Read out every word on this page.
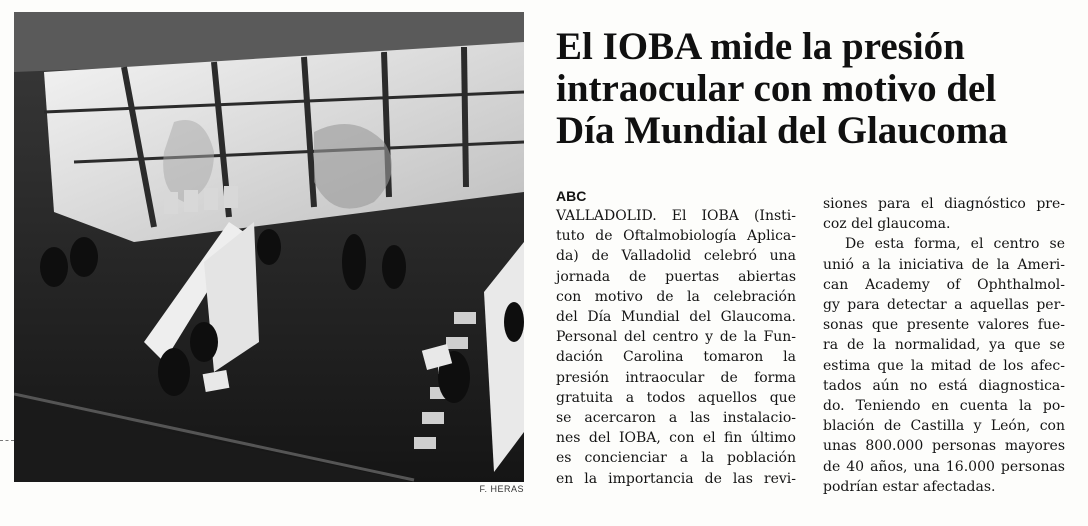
F. HERAS
El IOBA mide la presión
intraocular con motivo del
Día Mundial del Glaucoma
ABC
VALLADOLID. El IOBA (Insti-
tuto de Oftalmobiología Aplica-
da) de Valladolid celebró una
jornada de puertas abiertas
con motivo de la celebración
del Día Mundial del Glaucoma.
Personal del centro y de la Fun-
dación Carolina tomaron la
presión intraocular de forma
gratuita a todos aquellos que
se acercaron a las instalacio-
nes del IOBA, con el fin último
es concienciar a la población
en la importancia de las revi-
siones para el diagnóstico pre-
coz del glaucoma.
De esta forma, el centro se
unió a la iniciativa de la Ameri-
can Academy of Ophthalmol-
gy para detectar a aquellas per-
sonas que presente valores fue-
ra de la normalidad, ya que se
estima que la mitad de los afec-
tados aún no está diagnostica-
do. Teniendo en cuenta la po-
blación de Castilla y León, con
unas 800.000 personas mayores
de 40 años, una 16.000 personas
podrían estar afectadas.
